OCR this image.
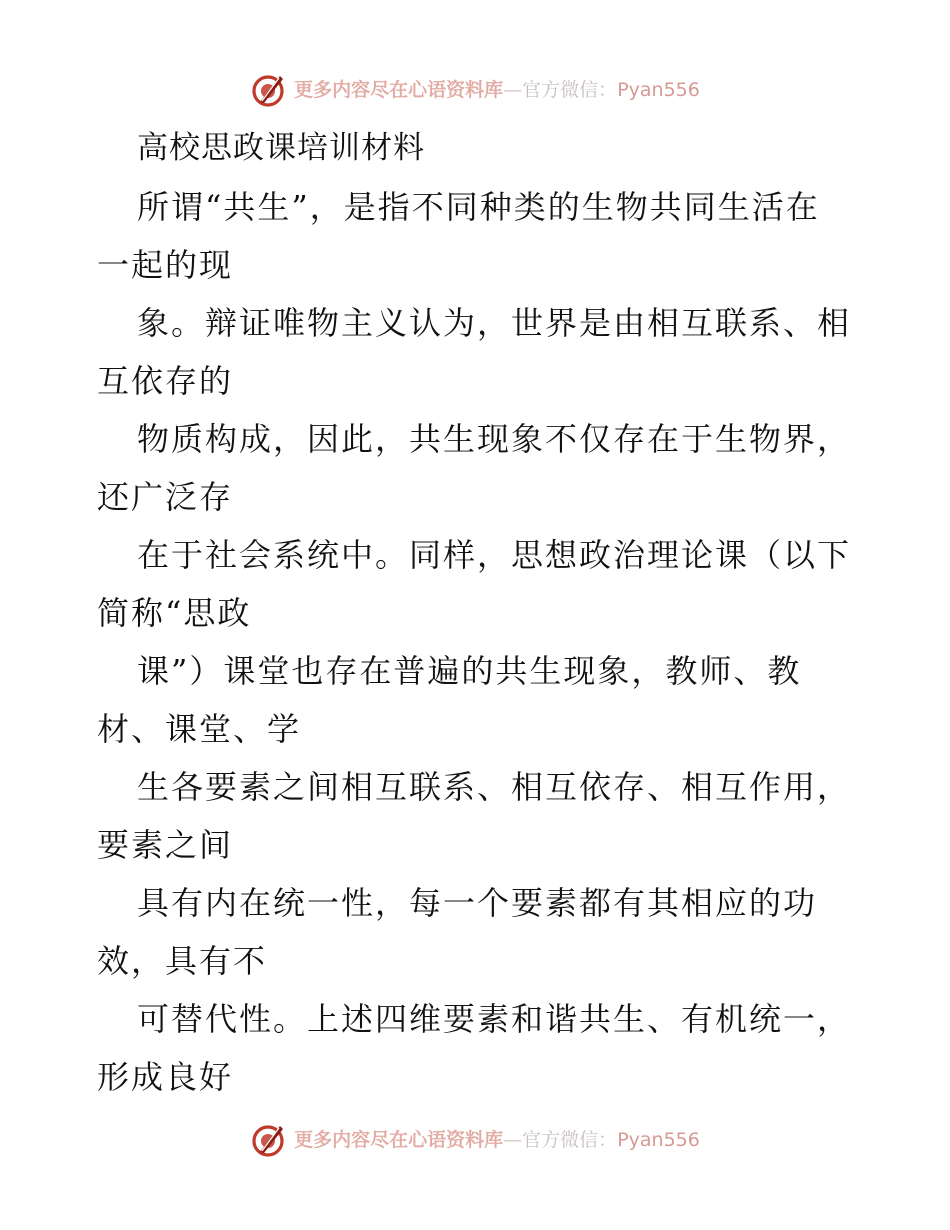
更多内容尽在心语资料库—官方微信：Pyan556
高校思政课培训材料
所谓“共生”，是指不同种类的生物共同生活在
一起的现
象。辩证唯物主义认为，世界是由相互联系、相
互依存的
物质构成，因此，共生现象不仅存在于生物界，
还广泛存
在于社会系统中。同样，思想政治理论课（以下
简称“思政
课”）课堂也存在普遍的共生现象，教师、教
材、课堂、学
生各要素之间相互联系、相互依存、相互作用，
要素之间
具有内在统一性，每一个要素都有其相应的功
效，具有不
可替代性。上述四维要素和谐共生、有机统一，
形成良好
更多内容尽在心语资料库—官方微信：Pyan556
